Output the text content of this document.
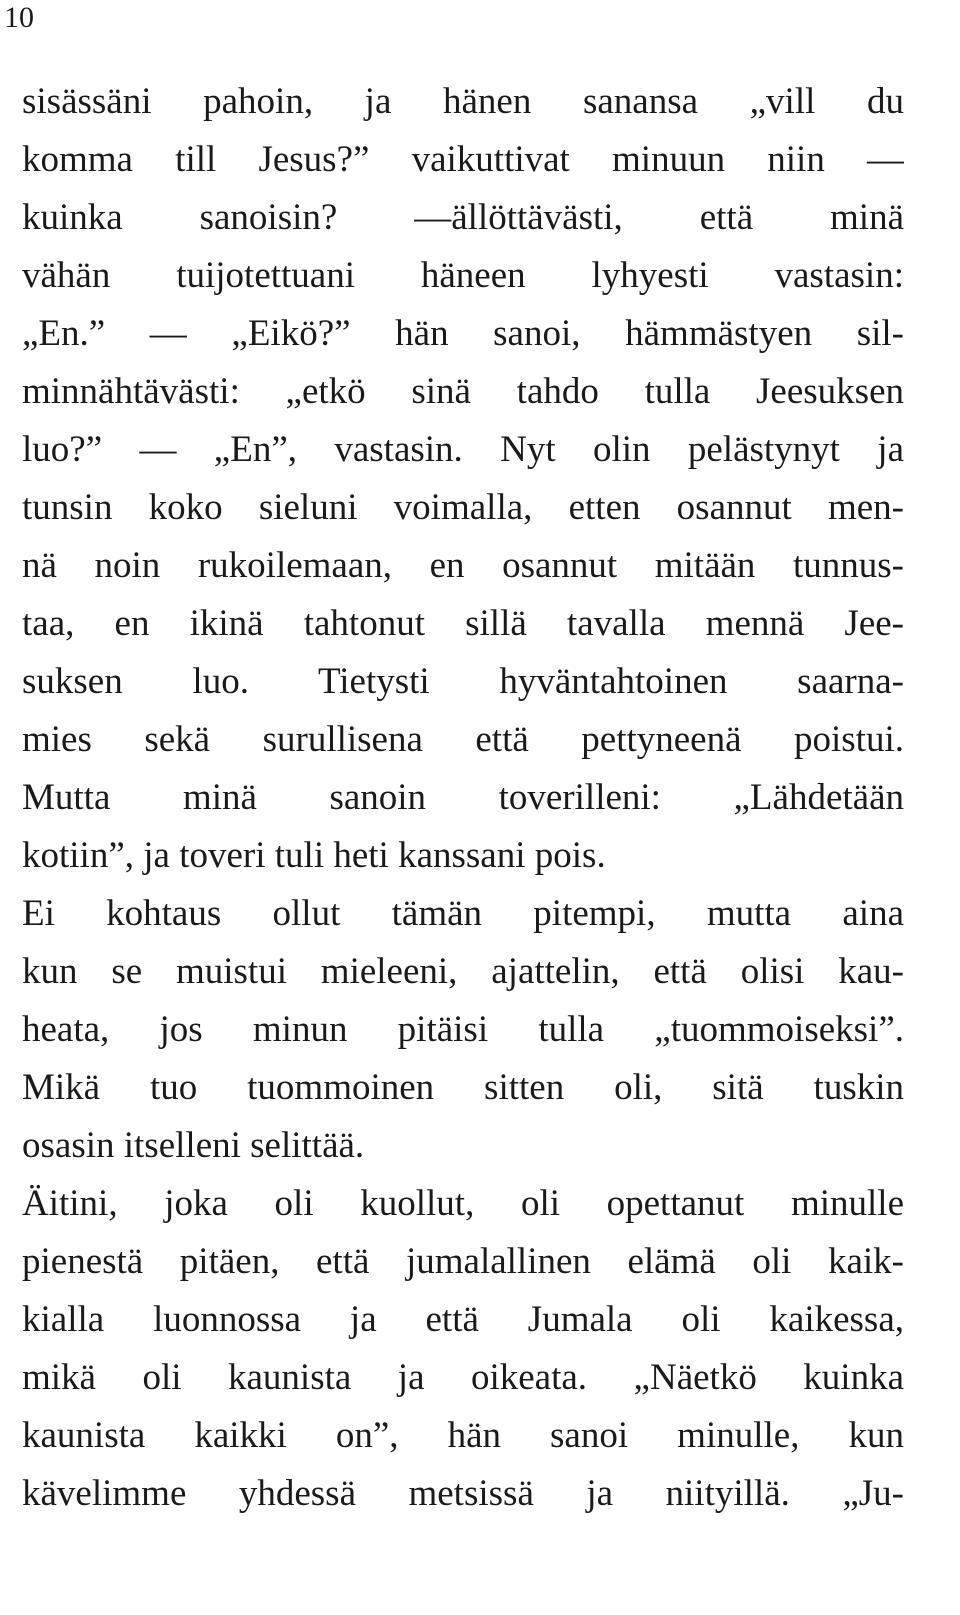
10
sisässäni pahoin, ja hänen sanansa „vill du
komma till Jesus?” vaikuttivat minuun niin —
kuinka sanoisin? —ällöttävästi, että minä
vähän tuijotettuani häneen lyhyesti vastasin:
„En.” — „Eikö?” hän sanoi, hämmästyen sil-
minnähtävästi: „etkö sinä tahdo tulla Jeesuksen
luo?” — „En”, vastasin. Nyt olin pelästynyt ja
tunsin koko sieluni voimalla, etten osannut men-
nä noin rukoilemaan, en osannut mitään tunnus-
taa, en ikinä tahtonut sillä tavalla mennä Jee-
suksen luo. Tietysti hyväntahtoinen saarna-
mies sekä surullisena että pettyneenä poistui.
Mutta minä sanoin toverilleni: „Lähdetään
kotiin”, ja toveri tuli heti kanssani pois.
Ei kohtaus ollut tämän pitempi, mutta aina
kun se muistui mieleeni, ajattelin, että olisi kau-
heata, jos minun pitäisi tulla „tuommoiseksi”.
Mikä tuo tuommoinen sitten oli, sitä tuskin
osasin itselleni selittää.
Äitini, joka oli kuollut, oli opettanut minulle
pienestä pitäen, että jumalallinen elämä oli kaik-
kialla luonnossa ja että Jumala oli kaikessa,
mikä oli kaunista ja oikeata. „Näetkö kuinka
kaunista kaikki on”, hän sanoi minulle, kun
kävelimme yhdessä metsissä ja niityillä. „Ju-
